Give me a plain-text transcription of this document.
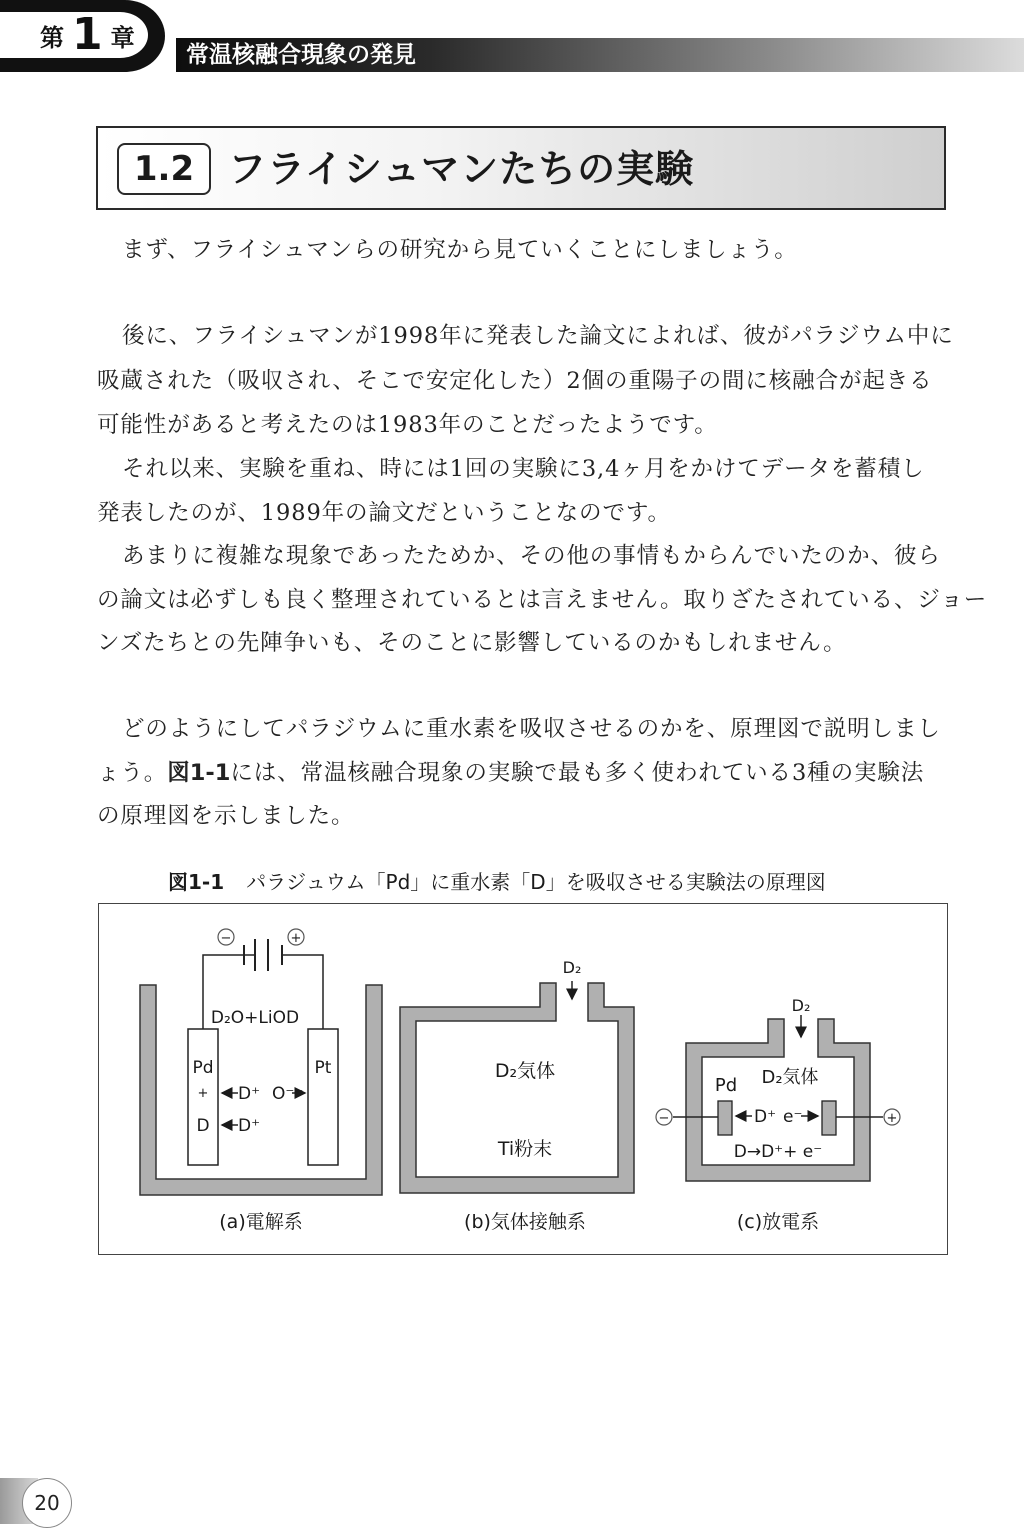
第 1 章
常温核融合現象の発見
1.2 フライシュマンたちの実験
まず、フライシュマンらの研究から見ていくことにしましょう。
後に、フライシュマンが1998年に発表した論文によれば、彼がパラジウム中に
吸蔵された（吸収され、そこで安定化した）2個の重陽子の間に核融合が起きる
可能性があると考えたのは1983年のことだったようです。
それ以来、実験を重ね、時には1回の実験に3,4ヶ月をかけてデータを蓄積し
発表したのが、1989年の論文だということなのです。
あまりに複雑な現象であったためか、その他の事情もからんでいたのか、彼ら
の論文は必ずしも良く整理されているとは言えません。取りざたされている、ジョー
ンズたちとの先陣争いも、そのことに影響しているのかもしれません。
どのようにしてパラジウムに重水素を吸収させるのかを、原理図で説明しまし
ょう。図1-1には、常温核融合現象の実験で最も多く使われている3種の実験法
の原理図を示しました。
図1-1 パラジュウム「Pd」に重水素「D」を吸収させる実験法の原理図
−	+
D₂O+LiOD
Pd
+
D
Pt
D⁺
D⁺
O⁻⁻
(a)電解系
D₂
D₂気体
Ti粉末
(b)気体接触系
D₂
−	+
Pd D₂気体
D⁺ e⁻
D→D⁺+ e⁻
(c)放電系
20
